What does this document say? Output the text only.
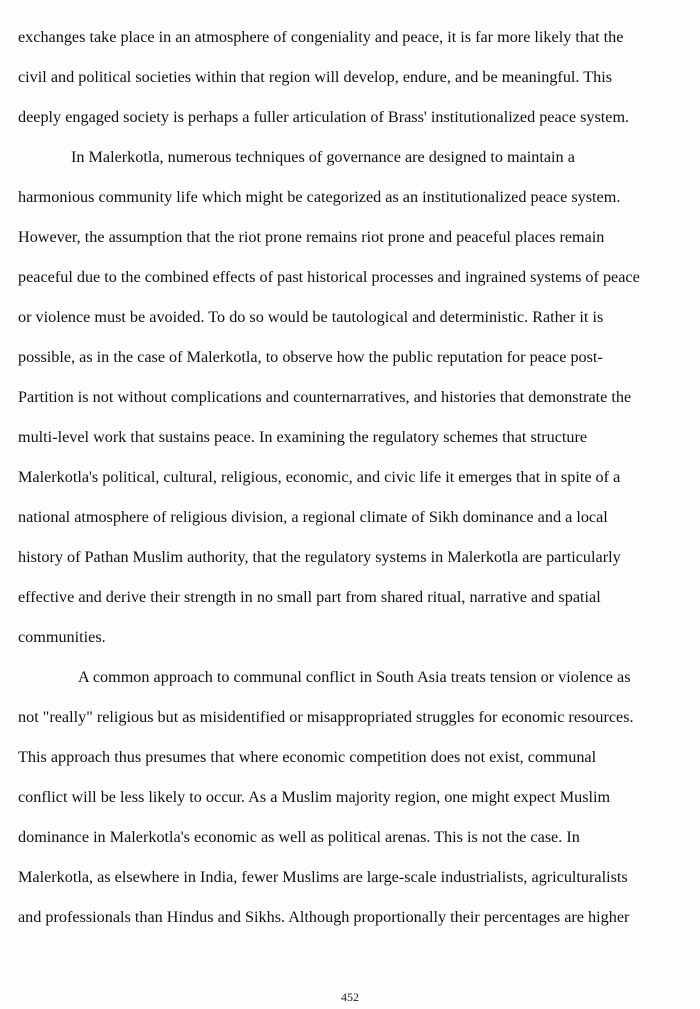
exchanges take place in an atmosphere of congeniality and peace, it is far more likely that the
civil and political societies within that region will develop, endure, and be meaningful. This
deeply engaged society is perhaps a fuller articulation of Brass' institutionalized peace system.
In Malerkotla, numerous techniques of governance are designed to maintain a
harmonious community life which might be categorized as an institutionalized peace system.
However, the assumption that the riot prone remains riot prone and peaceful places remain
peaceful due to the combined effects of past historical processes and ingrained systems of peace
or violence must be avoided. To do so would be tautological and deterministic. Rather it is
possible, as in the case of Malerkotla, to observe how the public reputation for peace post-
Partition is not without complications and counternarratives, and histories that demonstrate the
multi-level work that sustains peace. In examining the regulatory schemes that structure
Malerkotla's political, cultural, religious, economic, and civic life it emerges that in spite of a
national atmosphere of religious division, a regional climate of Sikh dominance and a local
history of Pathan Muslim authority, that the regulatory systems in Malerkotla are particularly
effective and derive their strength in no small part from shared ritual, narrative and spatial
communities.
A common approach to communal conflict in South Asia treats tension or violence as
not "really" religious but as misidentified or misappropriated struggles for economic resources.
This approach thus presumes that where economic competition does not exist, communal
conflict will be less likely to occur. As a Muslim majority region, one might expect Muslim
dominance in Malerkotla's economic as well as political arenas. This is not the case. In
Malerkotla, as elsewhere in India, fewer Muslims are large-scale industrialists, agriculturalists
and professionals than Hindus and Sikhs. Although proportionally their percentages are higher
452
